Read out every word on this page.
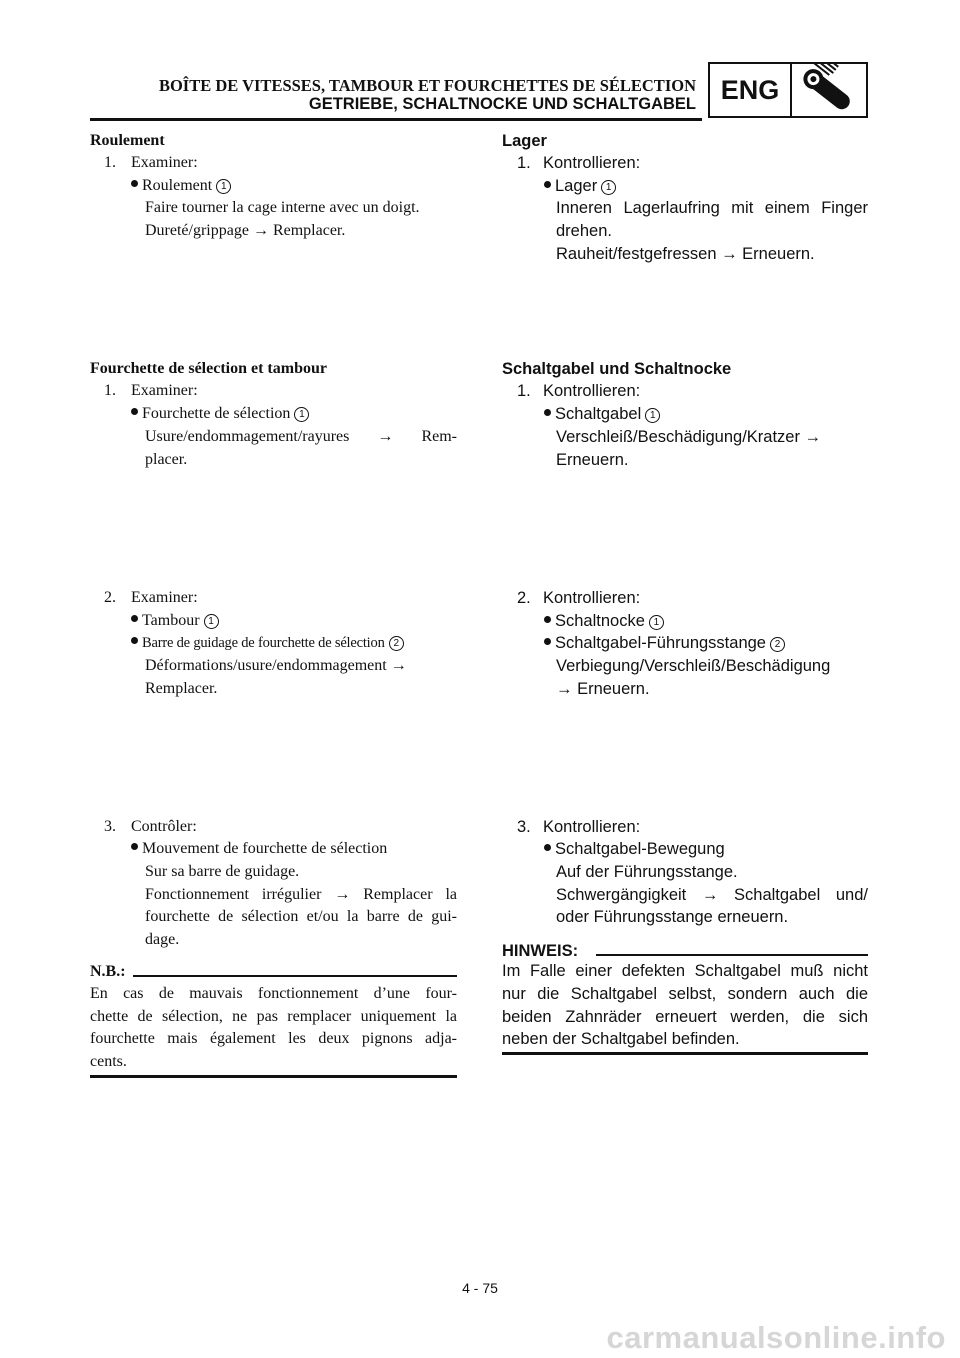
BOÎTE DE VITESSES, TAMBOUR ET FOURCHETTES DE SÉLECTION
GETRIEBE, SCHALTNOCKE UND SCHALTGABEL ENG
Roulement
1. Examiner:
Roulement 1
Faire tourner la cage interne avec un doigt.
Dureté/grippage → Remplacer.
Fourchette de sélection et tambour
1. Examiner:
Fourchette de sélection 1
Usure/endommagement/rayures → Rem-
placer.
2. Examiner:
Tambour 1
Barre de guidage de fourchette de sélection 2
Déformations/usure/endommagement →
Remplacer.
3. Contrôler:
Mouvement de fourchette de sélection
Sur sa barre de guidage.
Fonctionnement irrégulier → Remplacer la
fourchette de sélection et/ou la barre de gui-
dage.
N.B.:
En cas de mauvais fonctionnement d’une four-
chette de sélection, ne pas remplacer uniquement la
fourchette mais également les deux pignons adja-
cents.
Lager
1. Kontrollieren:
Lager 1
Inneren Lagerlaufring mit einem Finger
drehen.
Rauheit/festgefressen → Erneuern.
Schaltgabel und Schaltnocke
1. Kontrollieren:
Schaltgabel 1
Verschleiß/Beschädigung/Kratzer →
Erneuern.
2. Kontrollieren:
Schaltnocke 1
Schaltgabel-Führungsstange 2
Verbiegung/Verschleiß/Beschädigung
→ Erneuern.
3. Kontrollieren:
Schaltgabel-Bewegung
Auf der Führungsstange.
Schwergängigkeit → Schaltgabel und/
oder Führungsstange erneuern.
HINWEIS:
Im Falle einer defekten Schaltgabel muß nicht
nur die Schaltgabel selbst, sondern auch die
beiden Zahnräder erneuert werden, die sich
neben der Schaltgabel befinden.
4 - 75
carmanualsonline.info
